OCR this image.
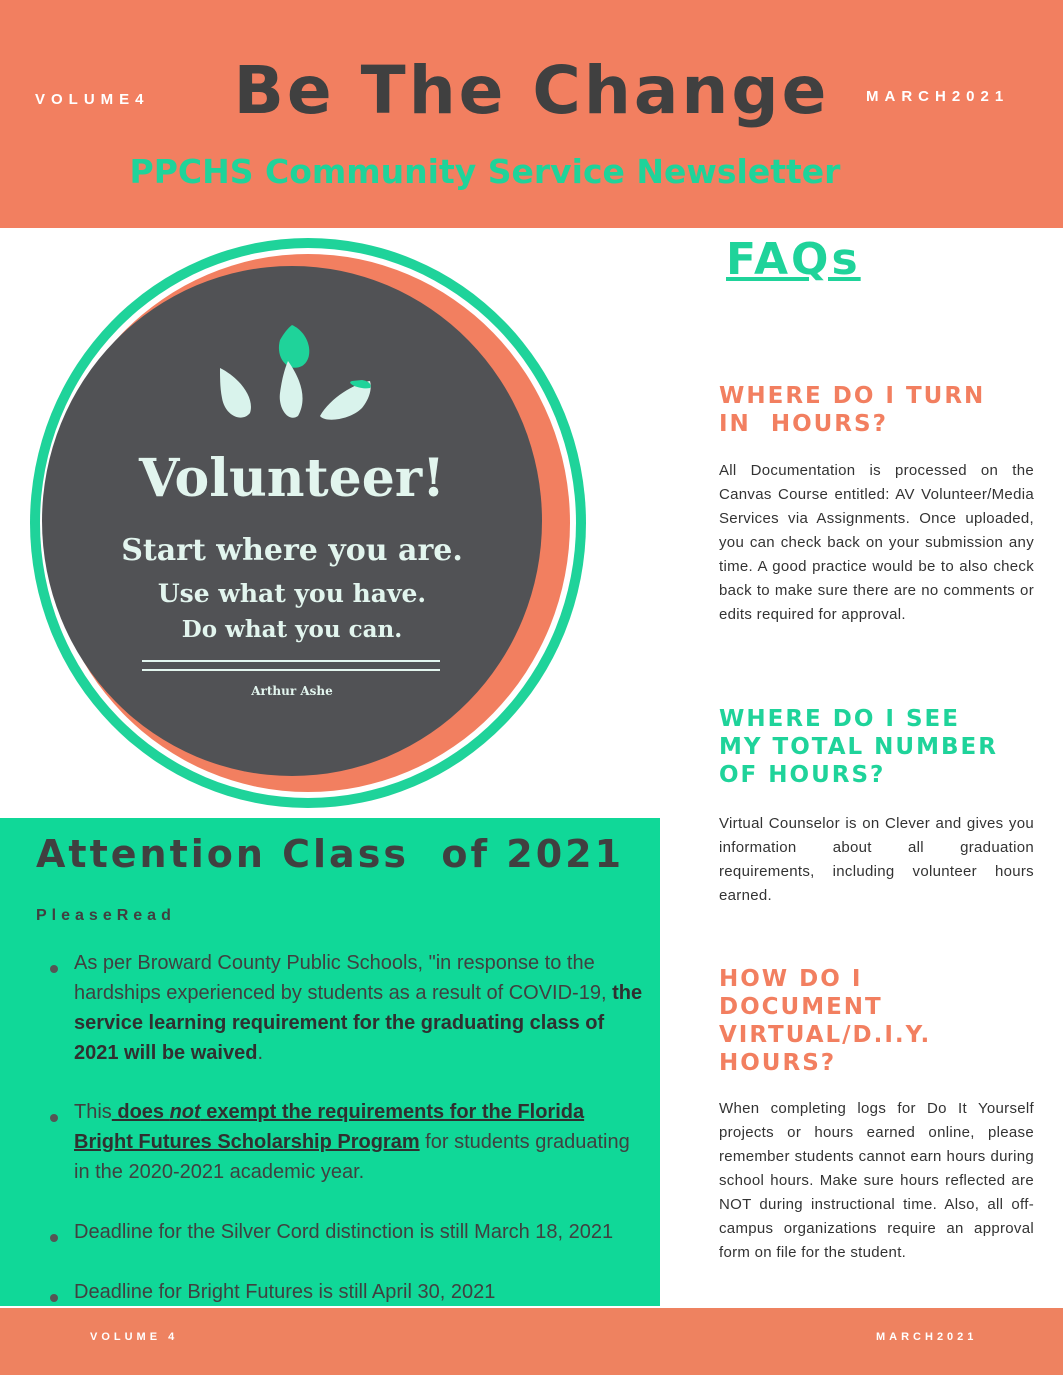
VOLUME4	Be The Change	MARCH2021
PPCHS Community Service Newsletter
Volunteer!
Start where you are.
Use what you have.
Do what you can.
Arthur Ashe
FAQs
WHERE DO I TURN
IN  HOURS?
All Documentation is processed on the Canvas Course entitled: AV Volunteer/Media Services via Assignments. Once uploaded, you can check back on your submission any time. A good practice would be to also check back to make sure there are no comments or edits required for approval.
WHERE DO I SEE
MY TOTAL NUMBER
OF HOURS?
Virtual Counselor is on Clever and gives you information about all graduation requirements, including volunteer hours earned.
HOW DO I
DOCUMENT
VIRTUAL/D.I.Y.
HOURS?
When completing logs for Do It Yourself projects or hours earned online, please remember students cannot earn hours during school hours. Make sure hours reflected are NOT during instructional time. Also, all off-campus organizations require an approval form on file for the student.
Attention Class  of 2021
PleaseRead
As per Broward County Public Schools, "in response to the hardships experienced by students as a result of COVID-19, the service learning requirement for the graduating class of 2021 will be waived.
This does not exempt the requirements for the Florida Bright Futures Scholarship Program for students graduating in the 2020-2021 academic year.
Deadline for the Silver Cord distinction is still March 18, 2021
Deadline for Bright Futures is still April 30, 2021
VOLUME 4	MARCH2021
